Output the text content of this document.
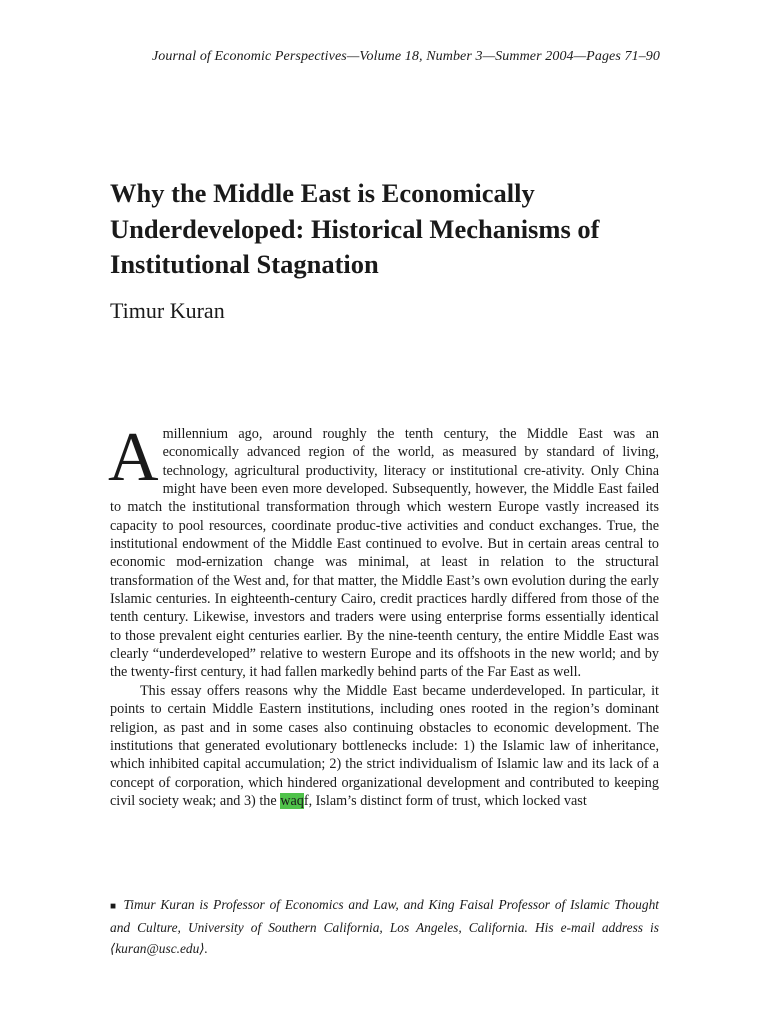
Journal of Economic Perspectives—Volume 18, Number 3—Summer 2004—Pages 71–90
Why the Middle East is Economically Underdeveloped: Historical Mechanisms of Institutional Stagnation
Timur Kuran

A millennium ago, around roughly the tenth century, the Middle East was an economically advanced region of the world, as measured by standard of living, technology, agricultural productivity, literacy or institutional cre-ativity. Only China might have been even more developed. Subsequently, however, the Middle East failed to match the institutional transformation through which western Europe vastly increased its capacity to pool resources, coordinate produc-tive activities and conduct exchanges. True, the institutional endowment of the Middle East continued to evolve. But in certain areas central to economic mod-ernization change was minimal, at least in relation to the structural transformation of the West and, for that matter, the Middle East’s own evolution during the early Islamic centuries. In eighteenth-century Cairo, credit practices hardly differed from those of the tenth century. Likewise, investors and traders were using enterprise forms essentially identical to those prevalent eight centuries earlier. By the nine-teenth century, the entire Middle East was clearly “underdeveloped” relative to western Europe and its offshoots in the new world; and by the twenty-first century, it had fallen markedly behind parts of the Far East as well.

This essay offers reasons why the Middle East became underdeveloped. In particular, it points to certain Middle Eastern institutions, including ones rooted in the region’s dominant religion, as past and in some cases also continuing obstacles to economic development. The institutions that generated evolutionary bottlenecks include: 1) the Islamic law of inheritance, which inhibited capital accumulation; 2) the strict individualism of Islamic law and its lack of a concept of corporation, which hindered organizational development and contributed to keeping civil society weak; and 3) the waqf, Islam’s distinct form of trust, which locked vast

■ Timur Kuran is Professor of Economics and Law, and King Faisal Professor of Islamic Thought and Culture, University of Southern California, Los Angeles, California. His e-mail address is ⟨kuran@usc.edu⟩.
